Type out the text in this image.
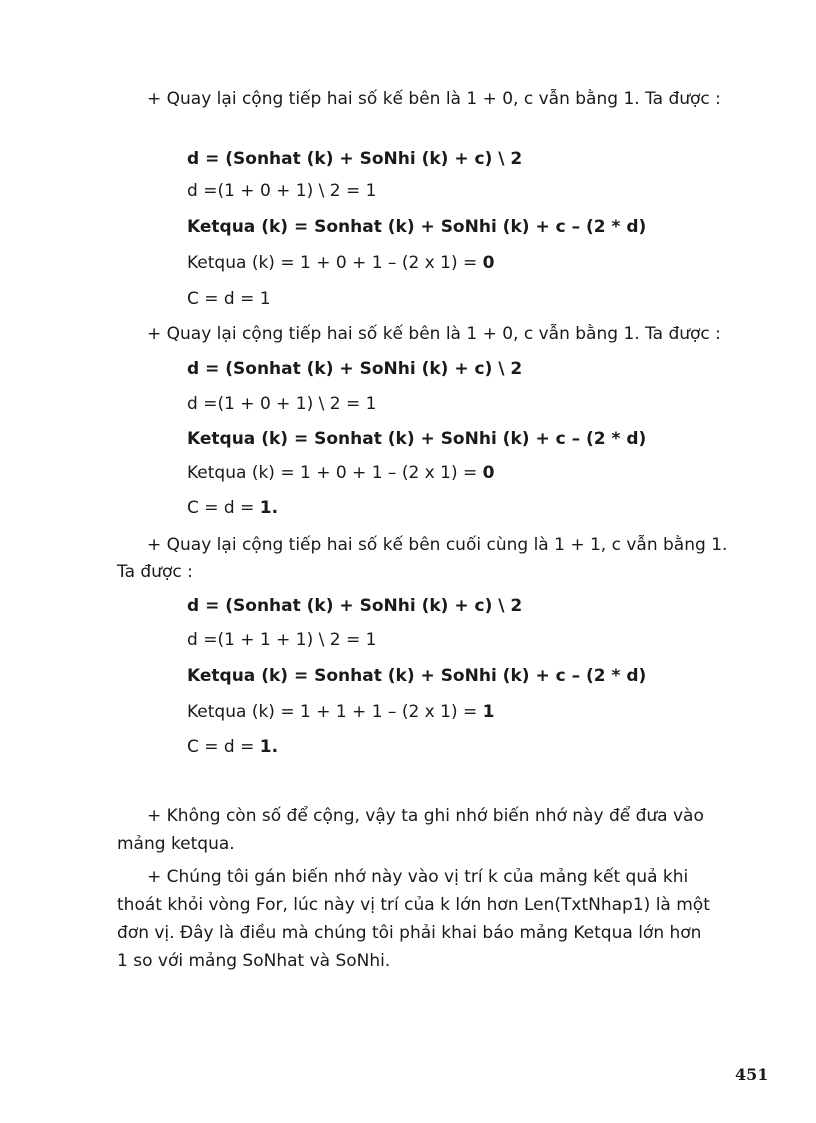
+ Quay lại cộng tiếp hai số kế bên là 1 + 0, c vẫn bằng 1. Ta được :
d = (Sonhat (k) + SoNhi (k) + c) \ 2
d =(1 + 0 + 1) \ 2 = 1
Ketqua (k) = Sonhat (k) + SoNhi (k) + c – (2 * d)
Ketqua (k) = 1 + 0 + 1 – (2 x 1) = 0
C = d = 1
+ Quay lại cộng tiếp hai số kế bên là 1 + 0, c vẫn bằng 1. Ta được :
d = (Sonhat (k) + SoNhi (k) + c) \ 2
d =(1 + 0 + 1) \ 2 = 1
Ketqua (k) = Sonhat (k) + SoNhi (k) + c – (2 * d)
Ketqua (k) = 1 + 0 + 1 – (2 x 1) = 0
C = d = 1.
+ Quay lại cộng tiếp hai số kế bên cuối cùng là 1 + 1, c vẫn bằng 1.
Ta được :
d = (Sonhat (k) + SoNhi (k) + c) \ 2
d =(1 + 1 + 1) \ 2 = 1
Ketqua (k) = Sonhat (k) + SoNhi (k) + c – (2 * d)
Ketqua (k) = 1 + 1 + 1 – (2 x 1) = 1
C = d = 1.
+ Không còn số để cộng, vậy ta ghi nhớ biến nhớ này để đưa vào
mảng ketqua.
+ Chúng tôi gán biến nhớ này vào vị trí k của mảng kết quả khi
thoát khỏi vòng For, lúc này vị trí của k lớn hơn Len(TxtNhap1) là một
đơn vị. Đây là điều mà chúng tôi phải khai báo mảng Ketqua lớn hơn
1 so với mảng SoNhat và SoNhi.
451
